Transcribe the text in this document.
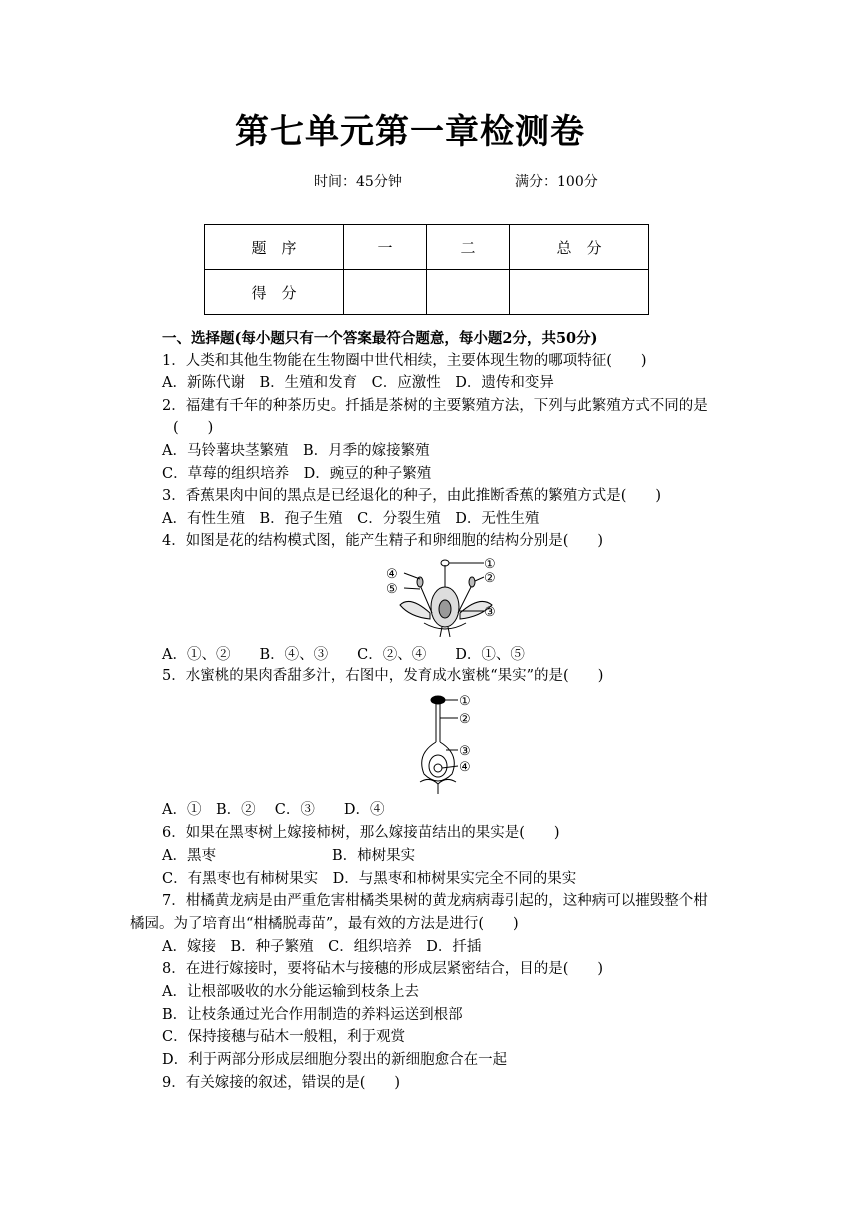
第七单元第一章检测卷
时间：45分钟	满分：100分
题　序	一	二	总　分
得　分			
一、选择题(每小题只有一个答案最符合题意，每小题2分，共50分)
1．人类和其他生物能在生物圈中世代相续，主要体现生物的哪项特征(　　)
A．新陈代谢　B．生殖和发育　C．应激性　D．遗传和变异
2．福建有千年的种茶历史。扦插是茶树的主要繁殖方法，下列与此繁殖方式不同的是
(　　)
A．马铃薯块茎繁殖　B．月季的嫁接繁殖
C．草莓的组织培养　D．豌豆的种子繁殖
3．香蕉果肉中间的黑点是已经退化的种子，由此推断香蕉的繁殖方式是(　　)
A．有性生殖　B．孢子生殖　C．分裂生殖　D．无性生殖
4．如图是花的结构模式图，能产生精子和卵细胞的结构分别是(　　)
①
②
③
④
⑤
A．①、②　　B．④、③　　C．②、④　　D．①、⑤
5．水蜜桃的果肉香甜多汁，右图中，发育成水蜜桃“果实”的是(　　)
①
②
③
④
A．①　B．②　 C．③　　D．④
6．如果在黑枣树上嫁接柿树，那么嫁接苗结出的果实是(　　)
A．黑枣　　　　　　　　B．柿树果实
C．有黑枣也有柿树果实　D．与黑枣和柿树果实完全不同的果实
7．柑橘黄龙病是由严重危害柑橘类果树的黄龙病病毒引起的，这种病可以摧毁整个柑
橘园。为了培育出“柑橘脱毒苗”，最有效的方法是进行(　　)
A．嫁接　B．种子繁殖　C．组织培养　D．扦插
8．在进行嫁接时，要将砧木与接穗的形成层紧密结合，目的是(　　)
A．让根部吸收的水分能运输到枝条上去
B．让枝条通过光合作用制造的养料运送到根部
C．保持接穗与砧木一般粗，利于观赏
D．利于两部分形成层细胞分裂出的新细胞愈合在一起
9．有关嫁接的叙述，错误的是(　　)
